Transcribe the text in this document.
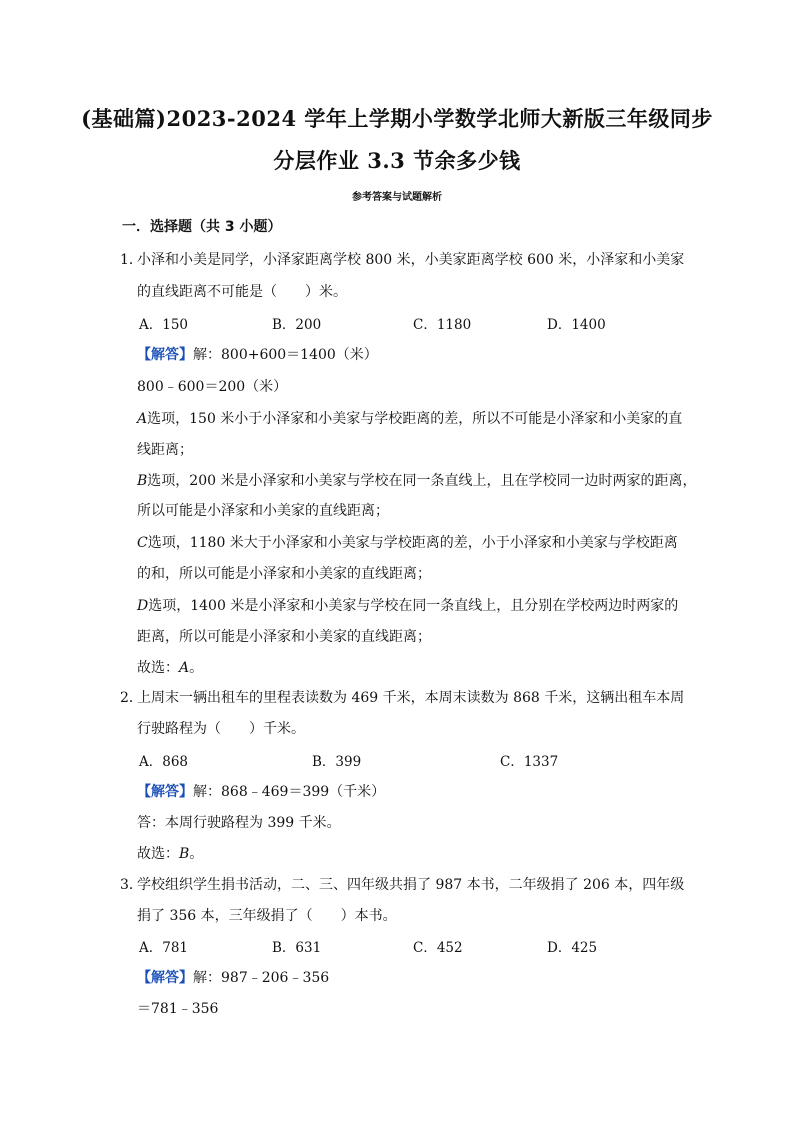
(基础篇)2023-2024 学年上学期小学数学北师大新版三年级同步
分层作业 3.3 节余多少钱
参考答案与试题解析
一．选择题（共 3 小题）
1．
小泽和小美是同学，小泽家距离学校 800 米，小美家距离学校 600 米，小泽家和小美家
的直线距离不可能是（　　）米。
A．150	B．200	C．1180	D．1400
【解答】解：800+600＝1400（米）
800﹣600＝200（米）
A选项，150 米小于小泽家和小美家与学校距离的差，所以不可能是小泽家和小美家的直
线距离；
B选项，200 米是小泽家和小美家与学校在同一条直线上，且在学校同一边时两家的距离，
所以可能是小泽家和小美家的直线距离；
C选项，1180 米大于小泽家和小美家与学校距离的差，小于小泽家和小美家与学校距离
的和，所以可能是小泽家和小美家的直线距离；
D选项，1400 米是小泽家和小美家与学校在同一条直线上，且分别在学校两边时两家的
距离，所以可能是小泽家和小美家的直线距离；
故选：A。
2．
上周末一辆出租车的里程表读数为 469 千米，本周末读数为 868 千米，这辆出租车本周
行驶路程为（　　）千米。
A．868	B．399	C．1337
【解答】解：868﹣469＝399（千米）
答：本周行驶路程为 399 千米。
故选：B。
3．
学校组织学生捐书活动，二、三、四年级共捐了 987 本书，二年级捐了 206 本，四年级
捐了 356 本，三年级捐了（　　）本书。
A．781	B．631	C．452	D．425
【解答】解：987﹣206﹣356
＝781﹣356
